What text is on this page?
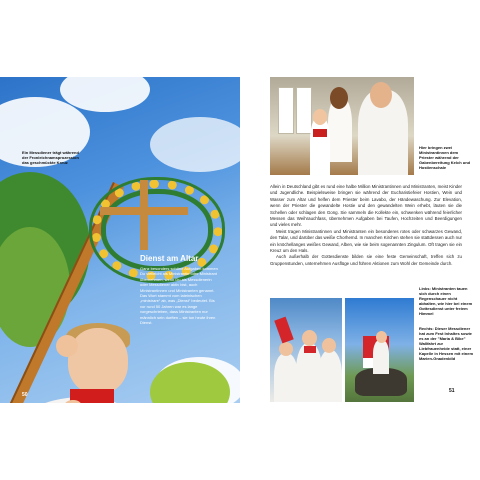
Ein Messdiener trägt während der Fronleichnamsprozession das geschmückte Kreuz
Dienst am Altar
Ganz besonders schöne Aufgaben kommen Du vielleicht als Ministrantin oder Ministrant übernehmen, wenn Du als Messdienerin oder Messdiener aktiv bist, auch Ministrantinnen und Ministranten genannt. Das Wort stammt vom lateinischen „ministrare“ ab, was „Dienst“ bedeutet. Bis vor rund 50 Jahren war es lange vorgeschrieben, dass Ministranten nur männlich sein durften – sie tun heute ihren Dienst.
50
Hier bringen zwei Ministrantinnen dem Priester während der Gabenbereitung Kelch und Hostienschale

Allein in Deutschland gibt es rund eine halbe Million Ministrantinnen und Ministranten, meist Kinder und Jugendliche. Beispielsweise bringen sie während der Eucharistiefeier Hostien, Wein und Wasser zum Altar und helfen dem Priester beim Lavabo, der Händewaschung. Zur Elevation, wenn der Priester die gewandelte Hostie und den gewandelten Wein erhebt, läuten sie die Schellen oder schlagen den Gong. Sie sammeln die Kollekte ein, schwenken während feierlicher Messen das Weihrauchfass, übernehmen Aufgaben bei Taufen, Hochzeiten und Beerdigungen und vieles mehr.

Meist tragen Ministrantinnen und Ministranten ein besonderes rotes oder schwarzes Gewand, den Talar, und darüber das weiße Chorhemd. In manchen Kirchen stehen sie stattdessen auch nur ein knöchellanges weißes Gewand, Alben, wie sie beim sogenannten Zingulum. Oft tragen sie ein Kreuz um den Hals.

Auch außerhalb der Gottesdienste bilden sie eine feste Gemeinschaft, treffen sich zu Gruppenstunden, unternehmen Ausflüge und führen Aktionen zum Wohl der Gemeinde durch.

Links: Ministranten tauen sich durch einen Regenschauer nicht abhalten, wie hier bei einem Gottesdienst unter freiem Himmel
Rechts: Dieser Messdiener hat zum Fest Inhaltes sowie es an der "Maria & Bike" Wallfahrt zur Liebfrauenheide statt, einer Kapelle in Hessen mit einem Marien-Gnadenbild
51
